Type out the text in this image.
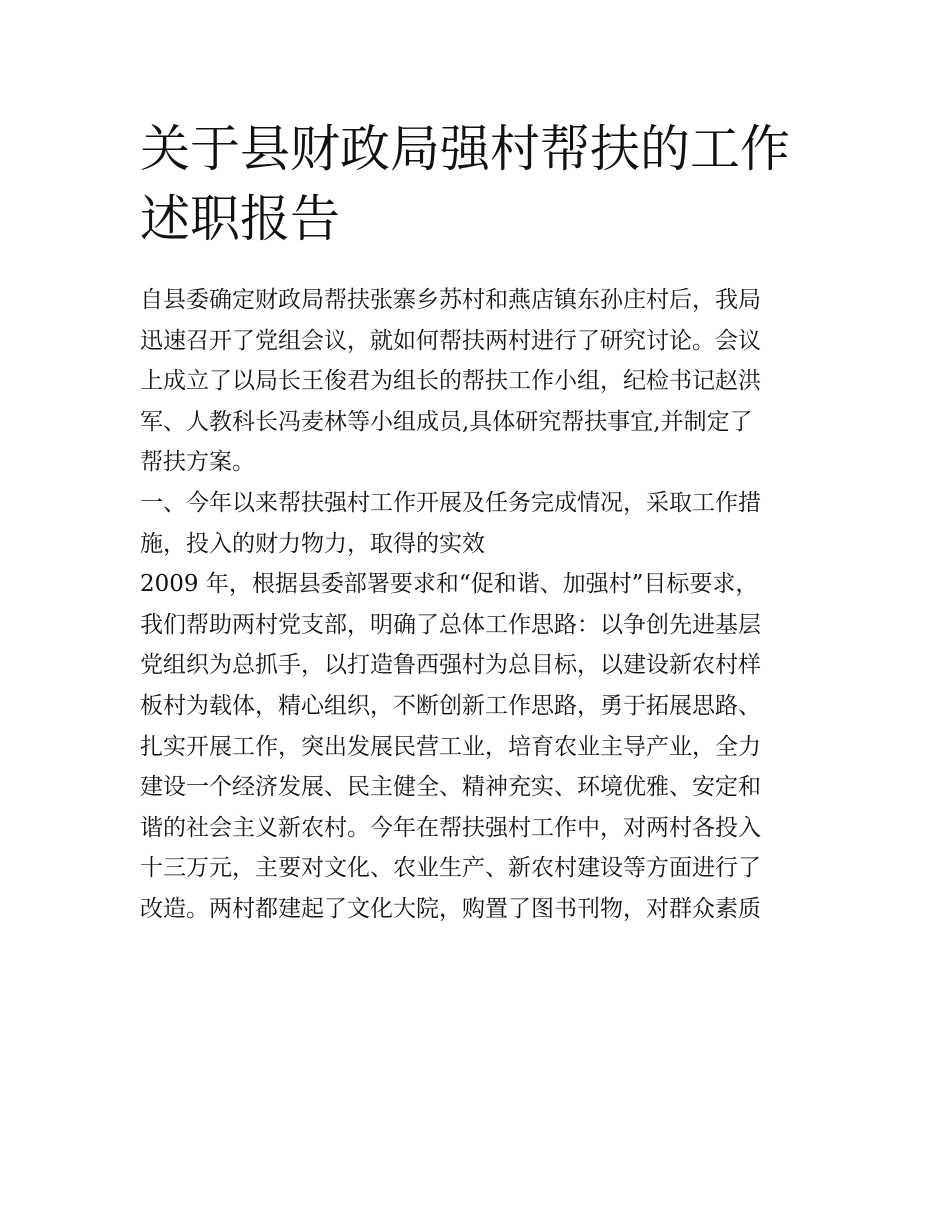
关于县财政局强村帮扶的工作
述职报告

自县委确定财政局帮扶张寨乡苏村和燕店镇东孙庄村后，我局
迅速召开了党组会议，就如何帮扶两村进行了研究讨论。会议
上成立了以局长王俊君为组长的帮扶工作小组，纪检书记赵洪
军、人教科长冯麦林等小组成员,具体研究帮扶事宜,并制定了
帮扶方案。

一、今年以来帮扶强村工作开展及任务完成情况，采取工作措
施，投入的财力物力，取得的实效

2009 年，根据县委部署要求和“促和谐、加强村”目标要求，

我们帮助两村党支部，明确了总体工作思路：以争创先进基层
党组织为总抓手，以打造鲁西强村为总目标，以建设新农村样
板村为载体，精心组织，不断创新工作思路，勇于拓展思路、
扎实开展工作，突出发展民营工业，培育农业主导产业，全力
建设一个经济发展、民主健全、精神充实、环境优雅、安定和
谐的社会主义新农村。今年在帮扶强村工作中，对两村各投入
十三万元，主要对文化、农业生产、新农村建设等方面进行了
改造。两村都建起了文化大院，购置了图书刊物，对群众素质
